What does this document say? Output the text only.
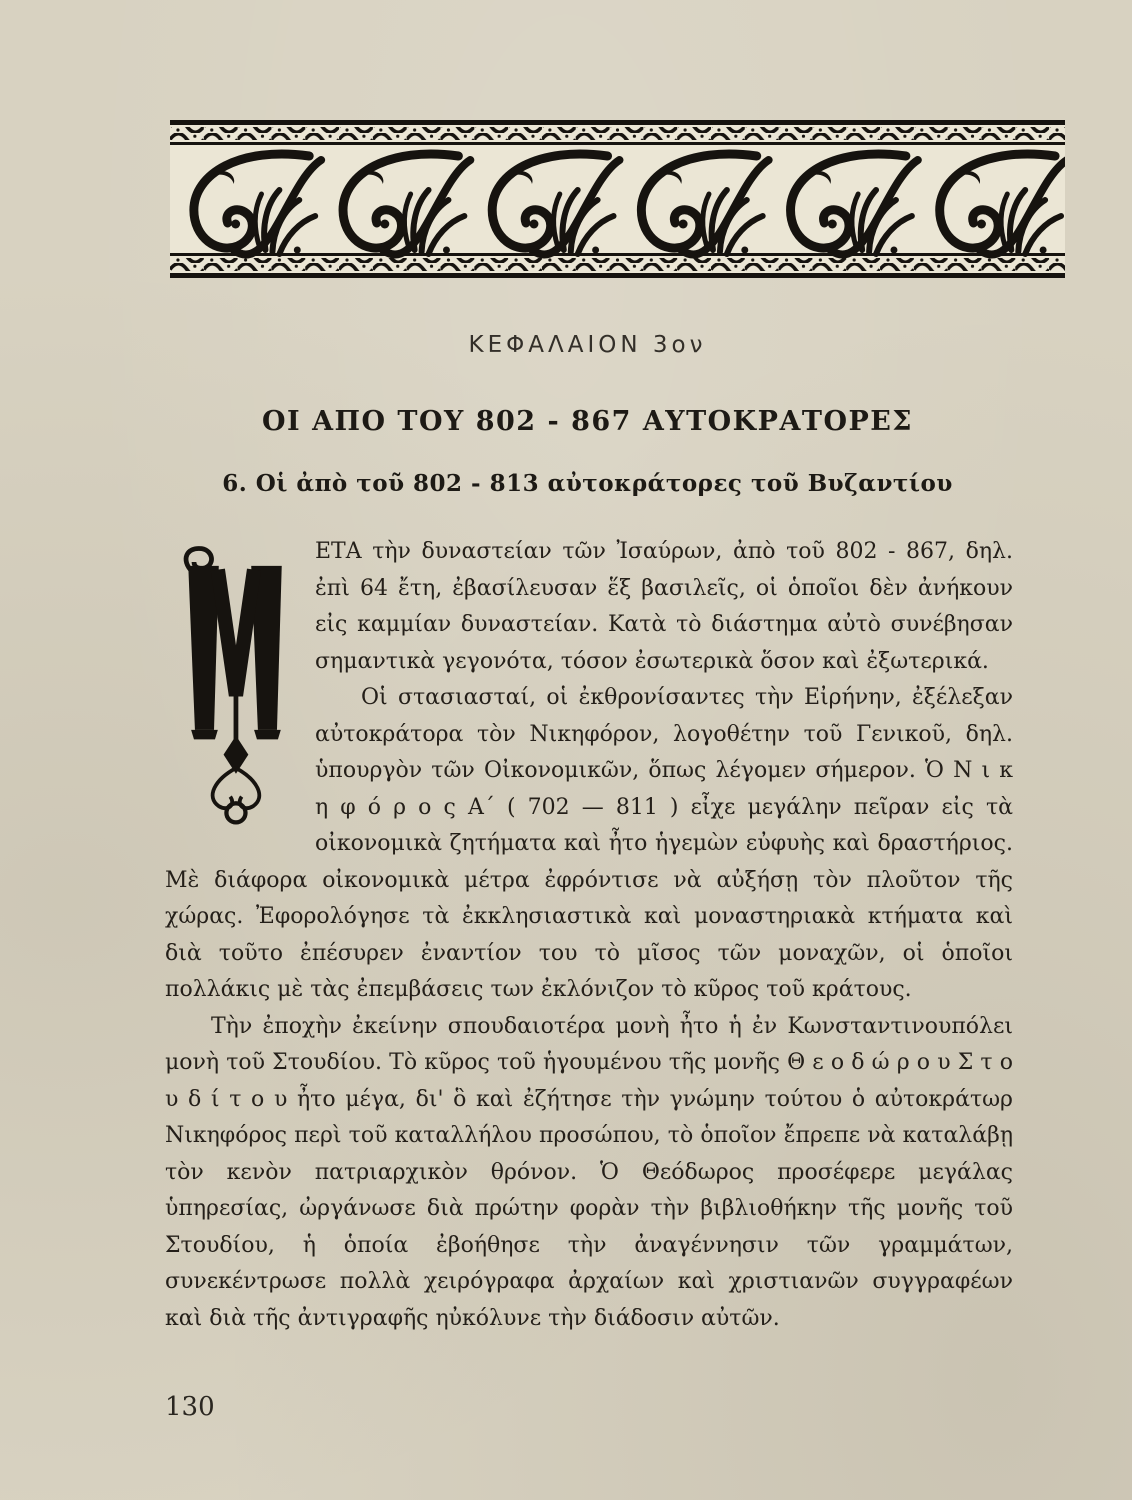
ΚΕΦΑΛΑΙΟΝ 3ον
ΟΙ ΑΠΟ ΤΟΥ 802 - 867 ΑΥΤΟΚΡΑΤΟΡΕΣ
6. Οἱ ἀπὸ τοῦ 802 - 813 αὐτοκράτορες τοῦ Βυζαντίου

ΕΤΑ τὴν δυναστείαν τῶν Ἰσαύρων, ἀπὸ τοῦ 802 - 867, δηλ. ἐπὶ 64 ἔτη, ἐβασίλευσαν ἕξ βασιλεῖς, οἱ ὁποῖοι δὲν ἀνήκουν εἰς καμμίαν δυναστείαν. Κατὰ τὸ διάστημα αὐτὸ συνέβησαν σημαντικὰ γεγονότα, τόσον ἐσωτερικὰ ὅσον καὶ ἐξωτερικά.

Οἱ στασιασταί, οἱ ἐκθρονίσαντες τὴν Εἰρήνην, ἐξέλεξαν αὐτοκράτορα τὸν Νικηφόρον, λογοθέτην τοῦ Γενικοῦ, δηλ. ὑπουργὸν τῶν Οἰκονομικῶν, ὅπως λέγομεν σήμερον. Ὁ Ν ι κ η φ ό ρ ο ς Α´ ( 702 — 811 ) εἶχε μεγάλην πεῖραν εἰς τὰ οἰκονομικὰ ζητήματα καὶ ἦτο ἡγεμὼν εὐφυὴς καὶ δραστήριος. Μὲ διάφορα οἰκονομικὰ μέτρα ἐφρόντισε νὰ αὐξήσῃ τὸν πλοῦτον τῆς χώρας. Ἐφορολόγησε τὰ ἐκκλησιαστικὰ καὶ μοναστηριακὰ κτήματα καὶ διὰ τοῦτο ἐπέσυρεν ἐναντίον του τὸ μῖσος τῶν μοναχῶν, οἱ ὁποῖοι πολλάκις μὲ τὰς ἐπεμβάσεις των ἐκλόνιζον τὸ κῦρος τοῦ κράτους.

Τὴν ἐποχὴν ἐκείνην σπουδαιοτέρα μονὴ ἦτο ἡ ἐν Κωνσταντινουπόλει μονὴ τοῦ Στουδίου. Τὸ κῦρος τοῦ ἡγουμένου τῆς μονῆς Θ ε ο δ ώ ρ ο υ Σ τ ο υ δ ί τ ο υ ἦτο μέγα, δι' ὃ καὶ ἐζήτησε τὴν γνώμην τούτου ὁ αὐτοκράτωρ Νικηφόρος περὶ τοῦ καταλλήλου προσώπου, τὸ ὁποῖον ἔπρεπε νὰ καταλάβῃ τὸν κενὸν πατριαρχικὸν θρόνον. Ὁ Θεόδωρος προσέφερε μεγάλας ὑπηρεσίας, ὠργάνωσε διὰ πρώτην φορὰν τὴν βιβλιοθήκην τῆς μονῆς τοῦ Στουδίου, ἡ ὁποία ἐβοήθησε τὴν ἀναγέννησιν τῶν γραμμάτων, συνεκέντρωσε πολλὰ χειρόγραφα ἀρχαίων καὶ χριστιανῶν συγγραφέων καὶ διὰ τῆς ἀντιγραφῆς ηὐκόλυνε τὴν διάδοσιν αὐτῶν.

130
